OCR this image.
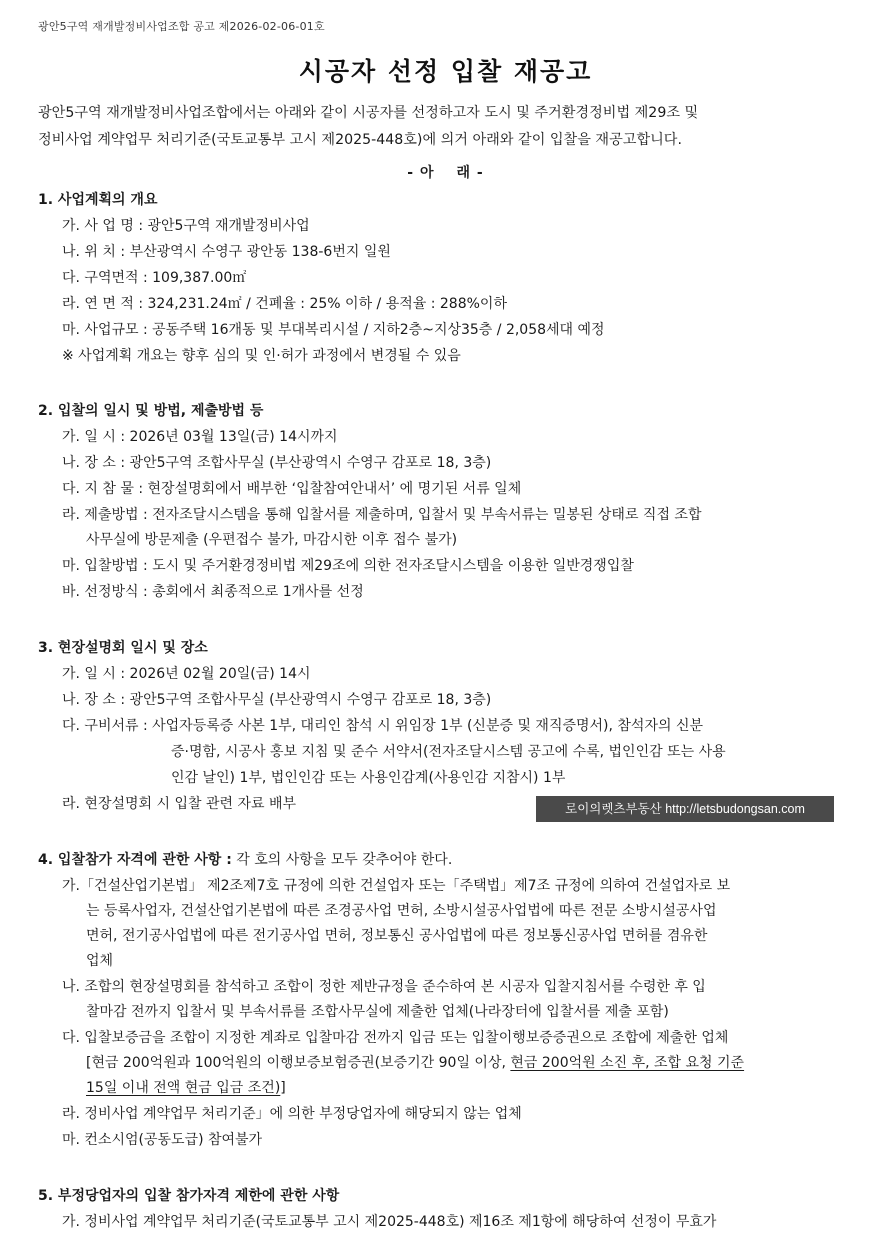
광안5구역 재개발정비사업조합 공고 제2026-02-06-01호
시공자 선정 입찰 재공고
광안5구역 재개발정비사업조합에서는 아래와 같이 시공자를 선정하고자 도시 및 주거환경정비법 제29조 및
정비사업 계약업무 처리기준(국토교통부 고시 제2025-448호)에 의거 아래와 같이 입찰을 재공고합니다.
- 아 래 -
1. 사업계획의 개요
가. 사 업 명 : 광안5구역 재개발정비사업
나. 위 치 : 부산광역시 수영구 광안동 138-6번지 일원
다. 구역면적 : 109,387.00㎡
라. 연 면 적 : 324,231.24㎡ / 건폐율 : 25% 이하 / 용적율 : 288%이하
마. 사업규모 : 공동주택 16개동 및 부대복리시설 / 지하2층~지상35층 / 2,058세대 예정
※ 사업계획 개요는 향후 심의 및 인·허가 과정에서 변경될 수 있음
2. 입찰의 일시 및 방법, 제출방법 등
가. 일 시 : 2026년 03월 13일(금) 14시까지
나. 장 소 : 광안5구역 조합사무실 (부산광역시 수영구 감포로 18, 3층)
다. 지 참 물 : 현장설명회에서 배부한 ‘입찰참여안내서’ 에 명기된 서류 일체
라. 제출방법 : 전자조달시스템을 통해 입찰서를 제출하며, 입찰서 및 부속서류는 밀봉된 상태로 직접 조합
사무실에 방문제출 (우편접수 불가, 마감시한 이후 접수 불가)
마. 입찰방법 : 도시 및 주거환경정비법 제29조에 의한 전자조달시스템을 이용한 일반경쟁입찰
바. 선정방식 : 총회에서 최종적으로 1개사를 선정
3. 현장설명회 일시 및 장소
가. 일 시 : 2026년 02월 20일(금) 14시
나. 장 소 : 광안5구역 조합사무실 (부산광역시 수영구 감포로 18, 3층)
다. 구비서류 : 사업자등록증 사본 1부, 대리인 참석 시 위임장 1부 (신분증 및 재직증명서), 참석자의 신분
증·명함, 시공사 홍보 지침 및 준수 서약서(전자조달시스템 공고에 수록, 법인인감 또는 사용
인감 날인) 1부, 법인인감 또는 사용인감계(사용인감 지참시) 1부
라. 현장설명회 시 입찰 관련 자료 배부	로이의렛츠부동산 http://letsbudongsan.com
4. 입찰참가 자격에 관한 사항 : 각 호의 사항을 모두 갖추어야 한다.
가.「건설산업기본법」 제2조제7호 규정에 의한 건설업자 또는「주택법」제7조 규정에 의하여 건설업자로 보
는 등록사업자, 건설산업기본법에 따른 조경공사업 면허, 소방시설공사업법에 따른 전문 소방시설공사업
면허, 전기공사업법에 따른 전기공사업 면허, 정보통신 공사업법에 따른 정보통신공사업 면허를 겸유한
업체
나. 조합의 현장설명회를 참석하고 조합이 정한 제반규정을 준수하여 본 시공자 입찰지침서를 수령한 후 입
찰마감 전까지 입찰서 및 부속서류를 조합사무실에 제출한 업체(나라장터에 입찰서를 제출 포함)
다. 입찰보증금을 조합이 지정한 계좌로 입찰마감 전까지 입금 또는 입찰이행보증증권으로 조합에 제출한 업체
[현금 200억원과 100억원의 이행보증보험증권(보증기간 90일 이상, 현금 200억원 소진 후, 조합 요청 기준
15일 이내 전액 현금 입금 조건)]
라. 정비사업 계약업무 처리기준」에 의한 부정당업자에 해당되지 않는 업체
마. 컨소시엄(공동도급) 참여불가
5. 부정당업자의 입찰 참가자격 제한에 관한 사항
가. 정비사업 계약업무 처리기준(국토교통부 고시 제2025-448호) 제16조 제1항에 해당하여 선정이 무효가
